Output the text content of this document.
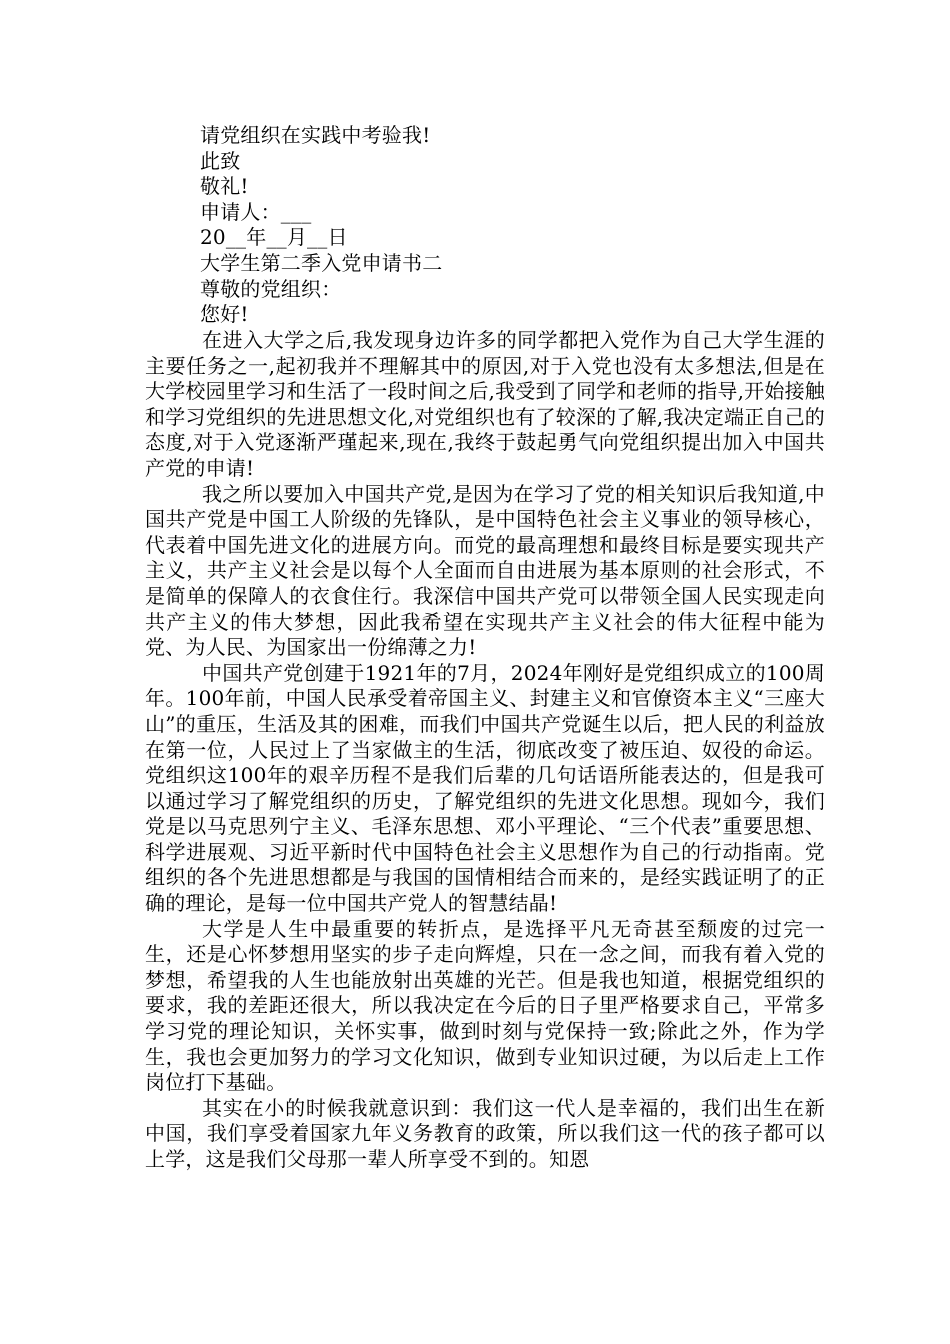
请党组织在实践中考验我!

此致

敬礼!

申请人：___

20__年__月__日

大学生第二季入党申请书二

尊敬的党组织：

您好!

在进入大学之后,我发现身边许多的同学都把入党作为自己大学生涯的主要任务之一,起初我并不理解其中的原因,对于入党也没有太多想法,但是在大学校园里学习和生活了一段时间之后,我受到了同学和老师的指导,开始接触和学习党组织的先进思想文化,对党组织也有了较深的了解,我决定端正自己的态度,对于入党逐渐严瑾起来,现在,我终于鼓起勇气向党组织提出加入中国共产党的申请!

我之所以要加入中国共产党,是因为在学习了党的相关知识后我知道,中国共产党是中国工人阶级的先锋队，是中国特色社会主义事业的领导核心，代表着中国先进文化的进展方向。而党的最高理想和最终目标是要实现共产主义，共产主义社会是以每个人全面而自由进展为基本原则的社会形式，不是简单的保障人的衣食住行。我深信中国共产党可以带领全国人民实现走向共产主义的伟大梦想，因此我希望在实现共产主义社会的伟大征程中能为党、为人民、为国家出一份绵薄之力!

中国共产党创建于1921年的7月，2024年刚好是党组织成立的100周年。100年前，中国人民承受着帝国主义、封建主义和官僚资本主义“三座大山”的重压，生活及其的困难，而我们中国共产党诞生以后，把人民的利益放在第一位，人民过上了当家做主的生活，彻底改变了被压迫、奴役的命运。党组织这100年的艰辛历程不是我们后辈的几句话语所能表达的，但是我可以通过学习了解党组织的历史，了解党组织的先进文化思想。现如今，我们党是以马克思列宁主义、毛泽东思想、邓小平理论、“三个代表”重要思想、科学进展观、习近平新时代中国特色社会主义思想作为自己的行动指南。党组织的各个先进思想都是与我国的国情相结合而来的，是经实践证明了的正确的理论，是每一位中国共产党人的智慧结晶!

大学是人生中最重要的转折点，是选择平凡无奇甚至颓废的过完一生，还是心怀梦想用坚实的步子走向辉煌，只在一念之间，而我有着入党的梦想，希望我的人生也能放射出英雄的光芒。但是我也知道，根据党组织的要求，我的差距还很大，所以我决定在今后的日子里严格要求自己，平常多学习党的理论知识，关怀实事，做到时刻与党保持一致;除此之外，作为学生，我也会更加努力的学习文化知识，做到专业知识过硬，为以后走上工作岗位打下基础。

其实在小的时候我就意识到：我们这一代人是幸福的，我们出生在新中国，我们享受着国家九年义务教育的政策，所以我们这一代的孩子都可以上学，这是我们父母那一辈人所享受不到的。知恩
